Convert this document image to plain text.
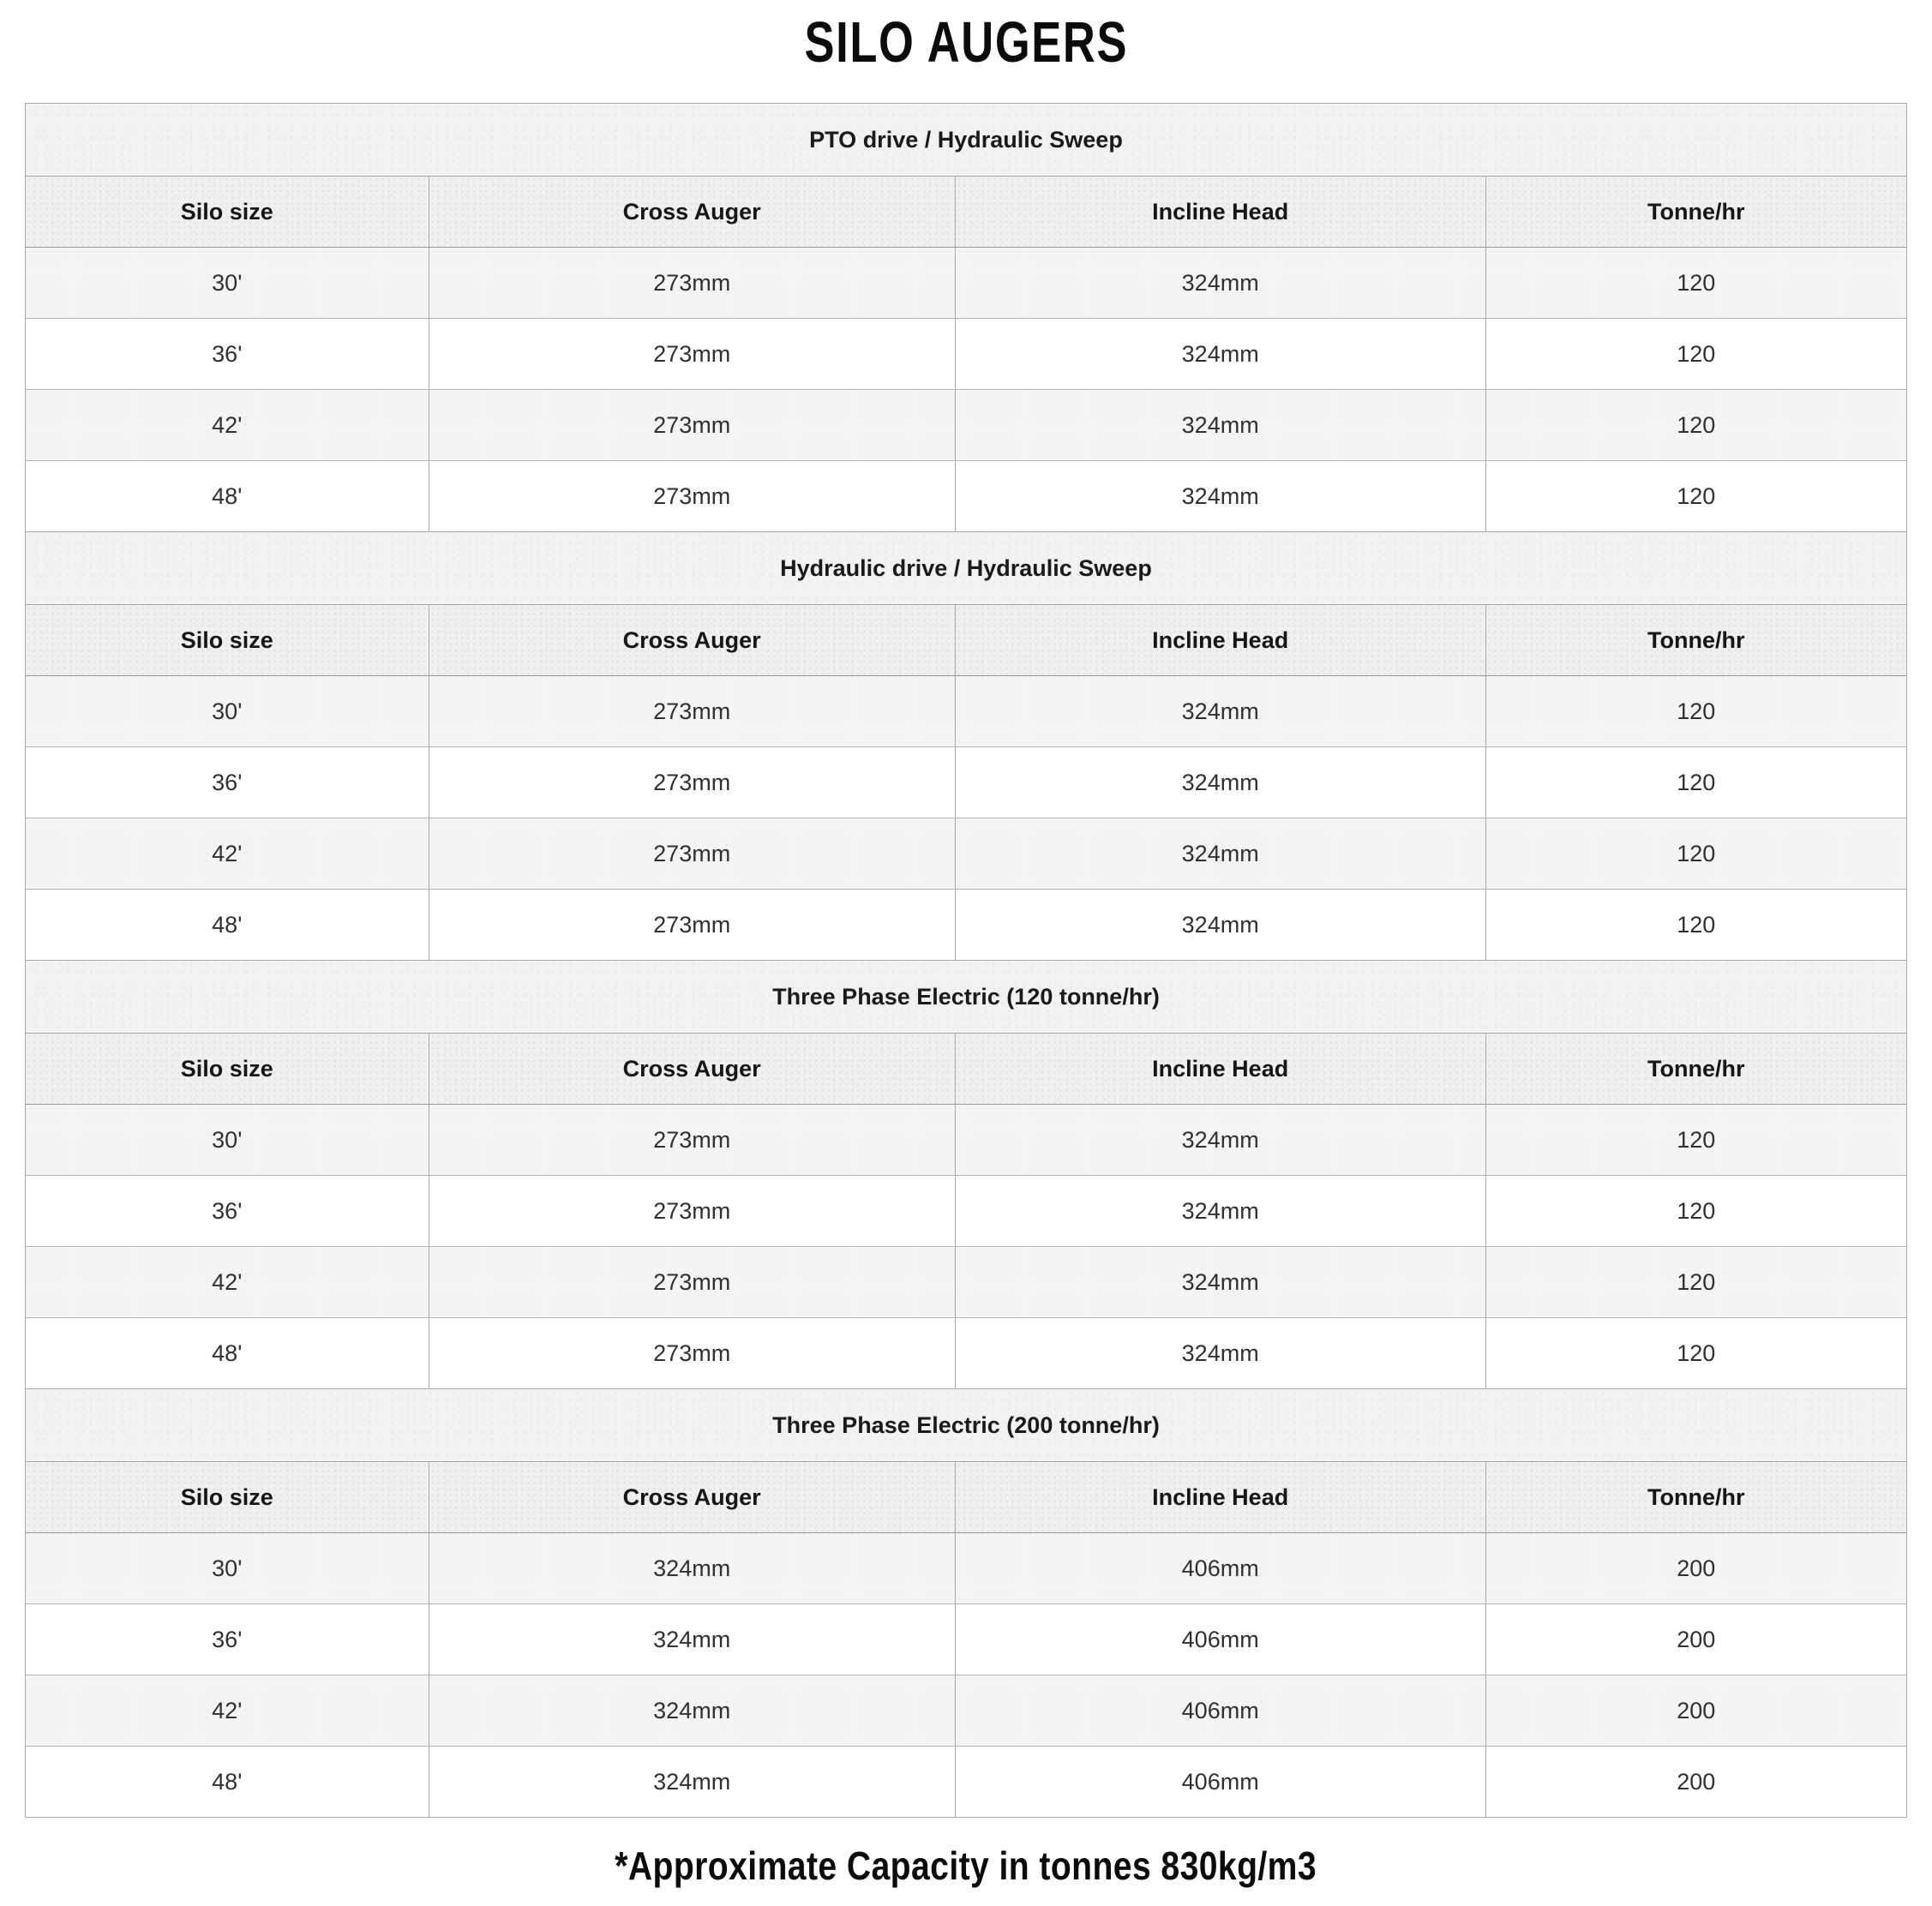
SILO AUGERS
PTO drive / Hydraulic Sweep
Silo size	Cross Auger	Incline Head	Tonne/hr
30'	273mm	324mm	120
36'	273mm	324mm	120
42'	273mm	324mm	120
48'	273mm	324mm	120
Hydraulic drive / Hydraulic Sweep
Silo size	Cross Auger	Incline Head	Tonne/hr
30'	273mm	324mm	120
36'	273mm	324mm	120
42'	273mm	324mm	120
48'	273mm	324mm	120
Three Phase Electric (120 tonne/hr)
Silo size	Cross Auger	Incline Head	Tonne/hr
30'	273mm	324mm	120
36'	273mm	324mm	120
42'	273mm	324mm	120
48'	273mm	324mm	120
Three Phase Electric (200 tonne/hr)
Silo size	Cross Auger	Incline Head	Tonne/hr
30'	324mm	406mm	200
36'	324mm	406mm	200
42'	324mm	406mm	200
48'	324mm	406mm	200
*Approximate Capacity in tonnes 830kg/m3
